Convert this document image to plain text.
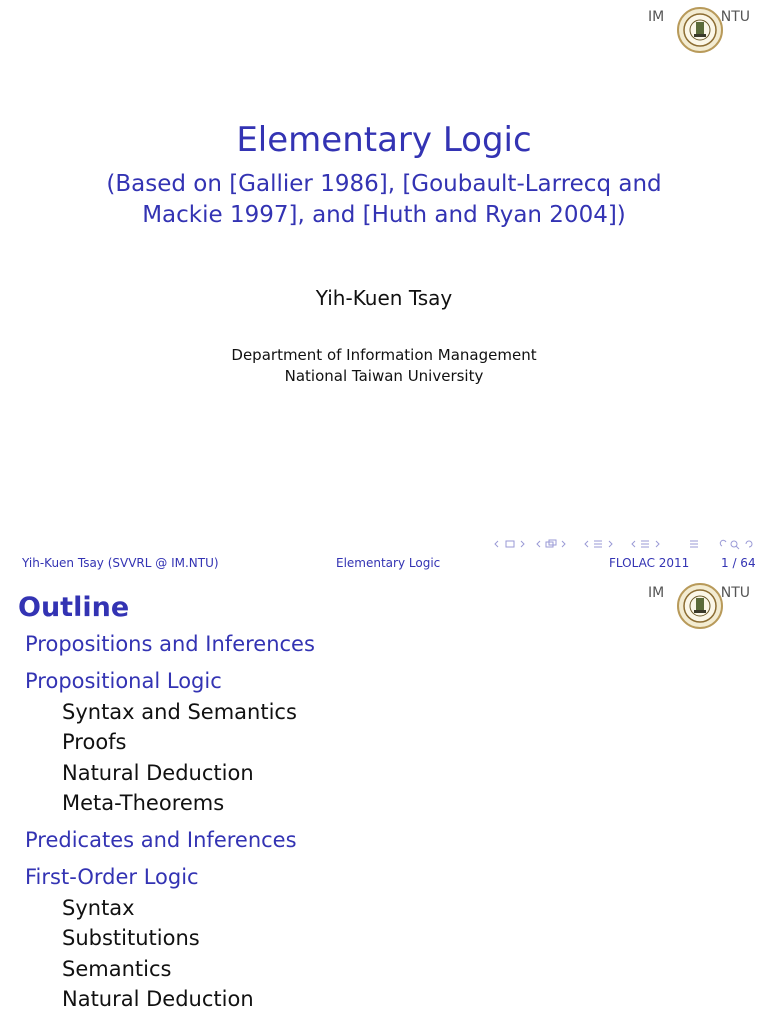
IM	NTU
Elementary Logic
(Based on [Gallier 1986], [Goubault-Larrecq and
Mackie 1997], and [Huth and Ryan 2004])
Yih-Kuen Tsay
Department of Information Management
National Taiwan University
Yih-Kuen Tsay (SVVRL @ IM.NTU)	Elementary Logic	FLOLAC 2011	1 / 64
IM	NTU
Outline
Propositions and Inferences
Propositional Logic
Syntax and Semantics
Proofs
Natural Deduction
Meta-Theorems
Predicates and Inferences
First-Order Logic
Syntax
Substitutions
Semantics
Natural Deduction
